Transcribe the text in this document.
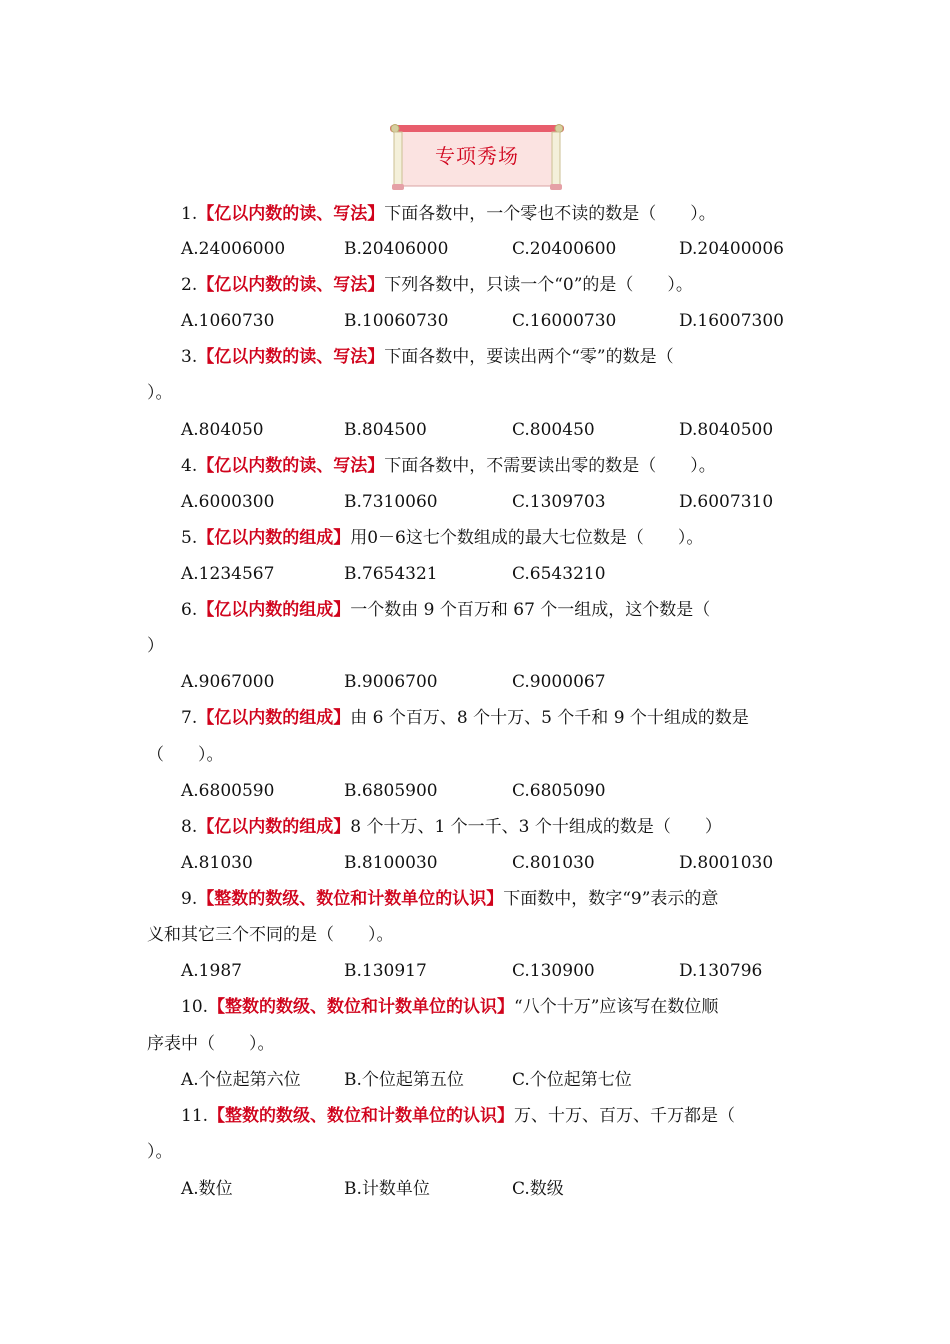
专项秀场
1.【亿以内数的读、写法】下面各数中，一个零也不读的数是（　　）。
A.24006000	B.20406000	C.20400600	D.20400006
2.【亿以内数的读、写法】下列各数中，只读一个“0”的是（　　）。
A.1060730	B.10060730	C.16000730	D.16007300
3.【亿以内数的读、写法】下面各数中，要读出两个“零”的数是（
）。
A.804050	B.804500	C.800450	D.8040500
4.【亿以内数的读、写法】下面各数中，不需要读出零的数是（　　）。
A.6000300	B.7310060	C.1309703	D.6007310
5.【亿以内数的组成】用0－6这七个数组成的最大七位数是（　　）。
A.1234567	B.7654321	C.6543210
6.【亿以内数的组成】一个数由 9 个百万和 67 个一组成，这个数是（
）
A.9067000	B.9006700	C.9000067
7.【亿以内数的组成】由 6 个百万、8 个十万、5 个千和 9 个十组成的数是
（　　）。
A.6800590	B.6805900	C.6805090
8.【亿以内数的组成】8 个十万、1 个一千、3 个十组成的数是（　　）
A.81030	B.8100030	C.801030	D.8001030
9.【整数的数级、数位和计数单位的认识】下面数中，数字“9”表示的意
义和其它三个不同的是（　　）。
A.1987	B.130917	C.130900	D.130796
10.【整数的数级、数位和计数单位的认识】“八个十万”应该写在数位顺
序表中（　　）。
A.个位起第六位	B.个位起第五位	C.个位起第七位
11.【整数的数级、数位和计数单位的认识】万、十万、百万、千万都是（
）。
A.数位	B.计数单位	C.数级
